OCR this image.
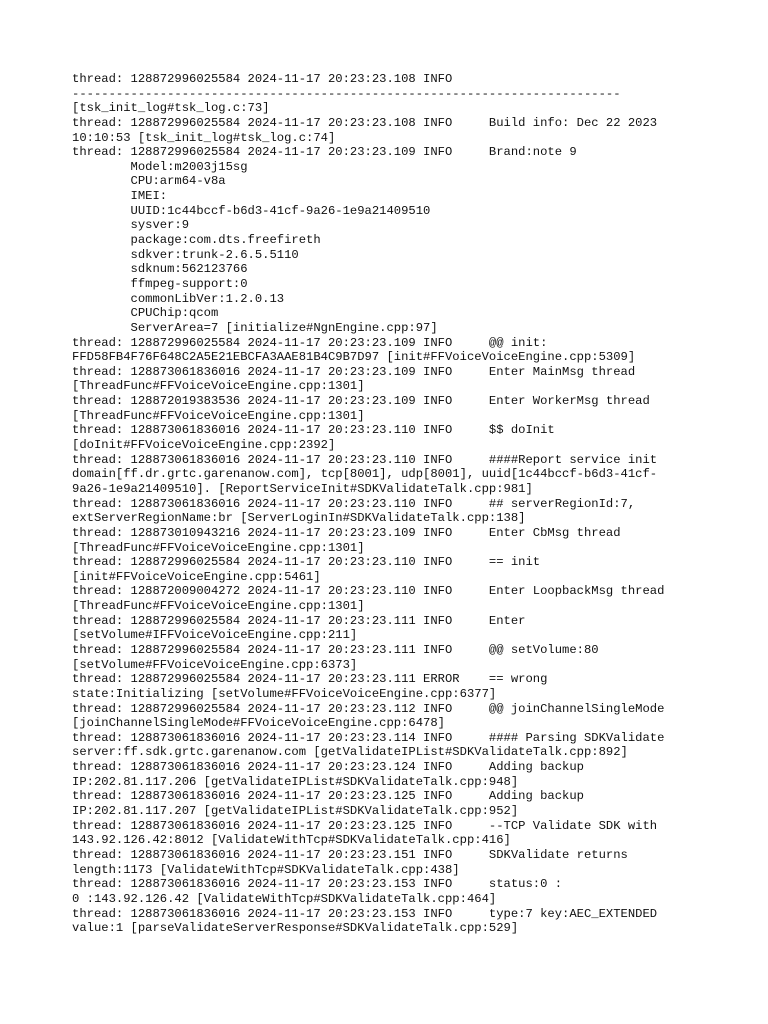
thread: 128872996025584 2024-11-17 20:23:23.108 INFO
---------------------------------------------------------------------------
[tsk_init_log#tsk_log.c:73]
thread: 128872996025584 2024-11-17 20:23:23.108 INFO     Build info: Dec 22 2023
10:10:53 [tsk_init_log#tsk_log.c:74]
thread: 128872996025584 2024-11-17 20:23:23.109 INFO     Brand:note 9
Model:m2003j15sg
CPU:arm64-v8a
IMEI:
UUID:1c44bccf-b6d3-41cf-9a26-1e9a21409510
sysver:9
package:com.dts.freefireth
sdkver:trunk-2.6.5.5110
sdknum:562123766
ffmpeg-support:0
commonLibVer:1.2.0.13
CPUChip:qcom
ServerArea=7 [initialize#NgnEngine.cpp:97]
thread: 128872996025584 2024-11-17 20:23:23.109 INFO     @@ init:
FFD58FB4F76F648C2A5E21EBCFA3AAE81B4C9B7D97 [init#FFVoiceVoiceEngine.cpp:5309]
thread: 128873061836016 2024-11-17 20:23:23.109 INFO     Enter MainMsg thread
[ThreadFunc#FFVoiceVoiceEngine.cpp:1301]
thread: 128872019383536 2024-11-17 20:23:23.109 INFO     Enter WorkerMsg thread
[ThreadFunc#FFVoiceVoiceEngine.cpp:1301]
thread: 128873061836016 2024-11-17 20:23:23.110 INFO     $$ doInit
[doInit#FFVoiceVoiceEngine.cpp:2392]
thread: 128873061836016 2024-11-17 20:23:23.110 INFO     ####Report service init
domain[ff.dr.grtc.garenanow.com], tcp[8001], udp[8001], uuid[1c44bccf-b6d3-41cf-
9a26-1e9a21409510]. [ReportServiceInit#SDKValidateTalk.cpp:981]
thread: 128873061836016 2024-11-17 20:23:23.110 INFO     ## serverRegionId:7,
extServerRegionName:br [ServerLoginIn#SDKValidateTalk.cpp:138]
thread: 128873010943216 2024-11-17 20:23:23.109 INFO     Enter CbMsg thread
[ThreadFunc#FFVoiceVoiceEngine.cpp:1301]
thread: 128872996025584 2024-11-17 20:23:23.110 INFO     == init
[init#FFVoiceVoiceEngine.cpp:5461]
thread: 128872009004272 2024-11-17 20:23:23.110 INFO     Enter LoopbackMsg thread
[ThreadFunc#FFVoiceVoiceEngine.cpp:1301]
thread: 128872996025584 2024-11-17 20:23:23.111 INFO     Enter
[setVolume#IFFVoiceVoiceEngine.cpp:211]
thread: 128872996025584 2024-11-17 20:23:23.111 INFO     @@ setVolume:80
[setVolume#FFVoiceVoiceEngine.cpp:6373]
thread: 128872996025584 2024-11-17 20:23:23.111 ERROR    == wrong
state:Initializing [setVolume#FFVoiceVoiceEngine.cpp:6377]
thread: 128872996025584 2024-11-17 20:23:23.112 INFO     @@ joinChannelSingleMode
[joinChannelSingleMode#FFVoiceVoiceEngine.cpp:6478]
thread: 128873061836016 2024-11-17 20:23:23.114 INFO     #### Parsing SDKValidate
server:ff.sdk.grtc.garenanow.com [getValidateIPList#SDKValidateTalk.cpp:892]
thread: 128873061836016 2024-11-17 20:23:23.124 INFO     Adding backup
IP:202.81.117.206 [getValidateIPList#SDKValidateTalk.cpp:948]
thread: 128873061836016 2024-11-17 20:23:23.125 INFO     Adding backup
IP:202.81.117.207 [getValidateIPList#SDKValidateTalk.cpp:952]
thread: 128873061836016 2024-11-17 20:23:23.125 INFO     --TCP Validate SDK with
143.92.126.42:8012 [ValidateWithTcp#SDKValidateTalk.cpp:416]
thread: 128873061836016 2024-11-17 20:23:23.151 INFO     SDKValidate returns
length:1173 [ValidateWithTcp#SDKValidateTalk.cpp:438]
thread: 128873061836016 2024-11-17 20:23:23.153 INFO     status:0 :
0 :143.92.126.42 [ValidateWithTcp#SDKValidateTalk.cpp:464]
thread: 128873061836016 2024-11-17 20:23:23.153 INFO     type:7 key:AEC_EXTENDED
value:1 [parseValidateServerResponse#SDKValidateTalk.cpp:529]
